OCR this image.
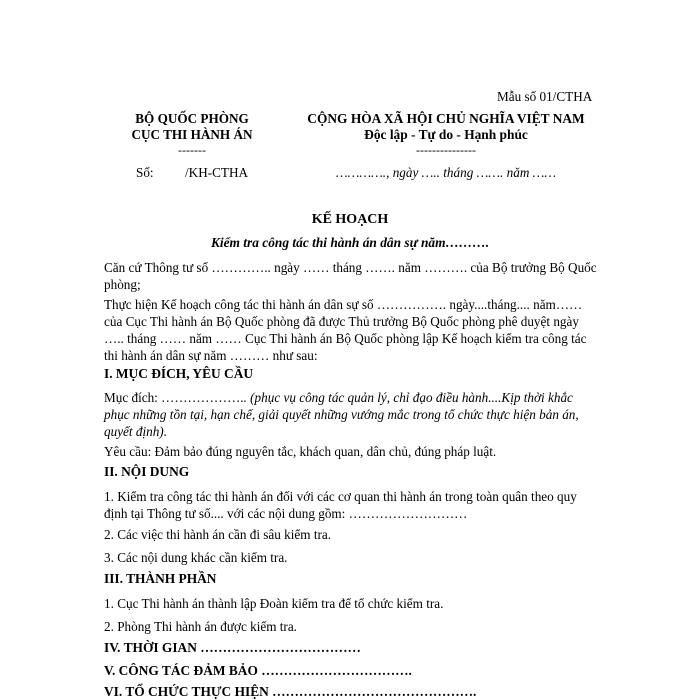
Mẫu số 01/CTHA
BỘ QUỐC PHÒNG
CỤC THI HÀNH ÁN
-------
Số: /KH-CTHA
CỘNG HÒA XÃ HỘI CHỦ NGHĨA VIỆT NAM
Độc lập - Tự do - Hạnh phúc
---------------
…………., ngày ….. tháng ……. năm ……
KẾ HOẠCH
Kiểm tra công tác thi hành án dân sự năm……….
Căn cứ Thông tư số ………….. ngày …… tháng ……. năm ………. của Bộ trưởng Bộ Quốc phòng;
Thực hiện Kế hoạch công tác thi hành án dân sự số ……………. ngày....tháng.... năm…… của Cục Thi hành án Bộ Quốc phòng đã được Thủ trưởng Bộ Quốc phòng phê duyệt ngày ….. tháng …… năm …… Cục Thi hành án Bộ Quốc phòng lập Kế hoạch kiểm tra công tác thi hành án dân sự năm ……… như sau:
I. MỤC ĐÍCH, YÊU CẦU
Mục đích: ……………….. (phục vụ công tác quản lý, chỉ đạo điều hành....Kịp thời khắc phục những tồn tại, hạn chế, giải quyết những vướng mắc trong tổ chức thực hiện bản án, quyết định).
Yêu cầu: Đảm bảo đúng nguyên tắc, khách quan, dân chủ, đúng pháp luật.
II. NỘI DUNG
1. Kiểm tra công tác thi hành án đối với các cơ quan thi hành án trong toàn quân theo quy định tại Thông tư số.... với các nội dung gồm: ………………………
2. Các việc thi hành án cần đi sâu kiểm tra.
3. Các nội dung khác cần kiểm tra.
III. THÀNH PHẦN
1. Cục Thi hành án thành lập Đoàn kiểm tra để tổ chức kiểm tra.
2. Phòng Thi hành án được kiểm tra.
IV. THỜI GIAN ………………………………
V. CÔNG TÁC ĐẢM BẢO …………………………….
VI. TỔ CHỨC THỰC HIỆN ……………………………………….
